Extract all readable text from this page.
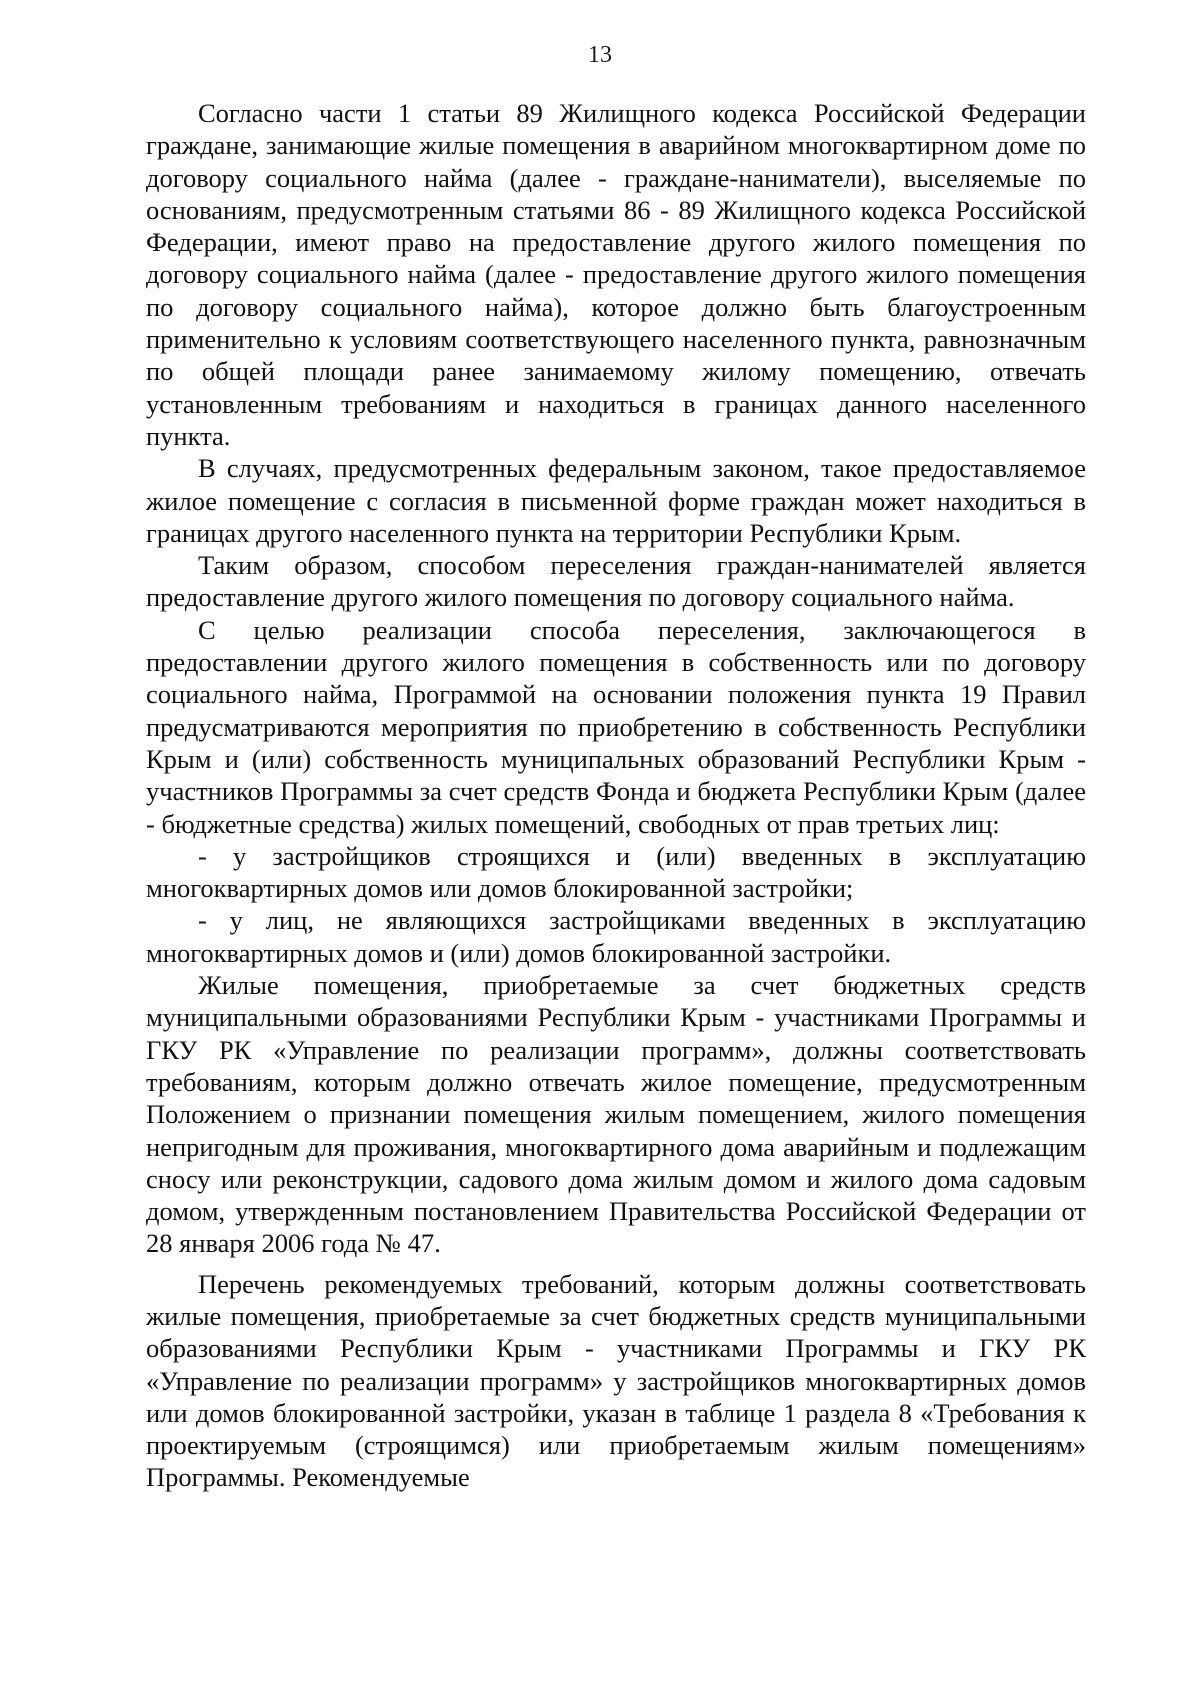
13

Согласно части 1 статьи 89 Жилищного кодекса Российской Федерации граждане, занимающие жилые помещения в аварийном многоквартирном доме по договору социального найма (далее - граждане-наниматели), выселяемые по основаниям, предусмотренным статьями 86 - 89 Жилищного кодекса Российской Федерации, имеют право на предоставление другого жилого помещения по договору социального найма (далее - предоставление другого жилого помещения по договору социального найма), которое должно быть благоустроенным применительно к условиям соответствующего населенного пункта, равнозначным по общей площади ранее занимаемому жилому помещению, отвечать установленным требованиям и находиться в границах данного населенного пункта.

В случаях, предусмотренных федеральным законом, такое предоставляемое жилое помещение с согласия в письменной форме граждан может находиться в границах другого населенного пункта на территории Республики Крым.

Таким образом, способом переселения граждан-нанимателей является предоставление другого жилого помещения по договору социального найма.

С целью реализации способа переселения, заключающегося в предоставлении другого жилого помещения в собственность или по договору социального найма, Программой на основании положения пункта 19 Правил предусматриваются мероприятия по приобретению в собственность Республики Крым и (или) собственность муниципальных образований Республики Крым - участников Программы за счет средств Фонда и бюджета Республики Крым (далее - бюджетные средства) жилых помещений, свободных от прав третьих лиц:

- у застройщиков строящихся и (или) введенных в эксплуатацию многоквартирных домов или домов блокированной застройки;

- у лиц, не являющихся застройщиками введенных в эксплуатацию многоквартирных домов и (или) домов блокированной застройки.

Жилые помещения, приобретаемые за счет бюджетных средств муниципальными образованиями Республики Крым - участниками Программы и ГКУ РК «Управление по реализации программ», должны соответствовать требованиям, которым должно отвечать жилое помещение, предусмотренным Положением о признании помещения жилым помещением, жилого помещения непригодным для проживания, многоквартирного дома аварийным и подлежащим сносу или реконструкции, садового дома жилым домом и жилого дома садовым домом, утвержденным постановлением Правительства Российской Федерации от 28 января 2006 года № 47.

Перечень рекомендуемых требований, которым должны соответствовать жилые помещения, приобретаемые за счет бюджетных средств муниципальными образованиями Республики Крым - участниками Программы и ГКУ РК «Управление по реализации программ» у застройщиков многоквартирных домов или домов блокированной застройки, указан в таблице 1 раздела 8 «Требования к проектируемым (строящимся) или приобретаемым жилым помещениям» Программы. Рекомендуемые
